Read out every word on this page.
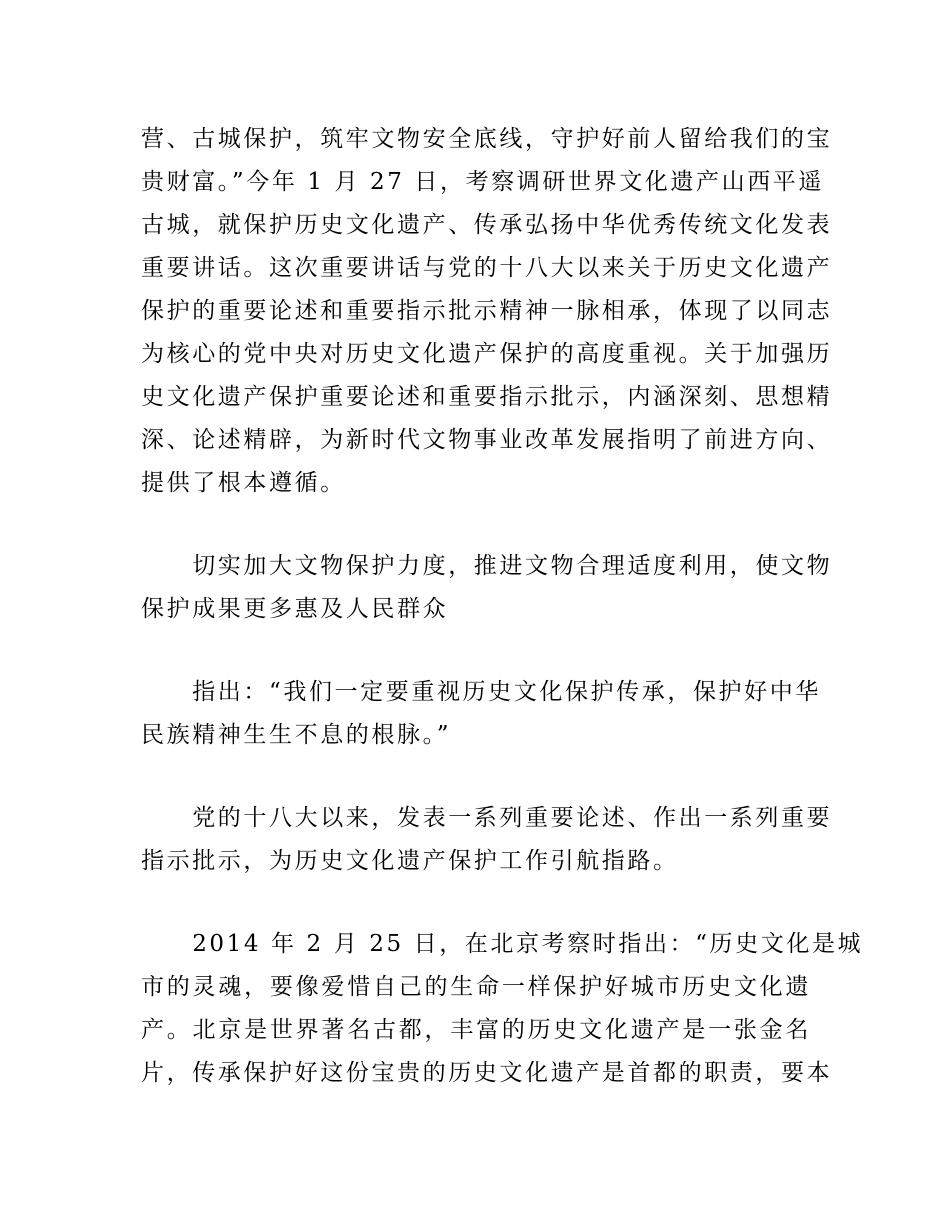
营、古城保护，筑牢文物安全底线，守护好前人留给我们的宝
贵财富。”今年 1 月 27 日，考察调研世界文化遗产山西平遥
古城，就保护历史文化遗产、传承弘扬中华优秀传统文化发表
重要讲话。这次重要讲话与党的十八大以来关于历史文化遗产
保护的重要论述和重要指示批示精神一脉相承，体现了以同志
为核心的党中央对历史文化遗产保护的高度重视。关于加强历
史文化遗产保护重要论述和重要指示批示，内涵深刻、思想精
深、论述精辟，为新时代文物事业改革发展指明了前进方向、
提供了根本遵循。
　　切实加大文物保护力度，推进文物合理适度利用，使文物
保护成果更多惠及人民群众
　　指出：“我们一定要重视历史文化保护传承，保护好中华
民族精神生生不息的根脉。”
　　党的十八大以来，发表一系列重要论述、作出一系列重要
指示批示，为历史文化遗产保护工作引航指路。
　　2014 年 2 月 25 日，在北京考察时指出：“历史文化是城
市的灵魂，要像爱惜自己的生命一样保护好城市历史文化遗
产。北京是世界著名古都，丰富的历史文化遗产是一张金名
片，传承保护好这份宝贵的历史文化遗产是首都的职责，要本
